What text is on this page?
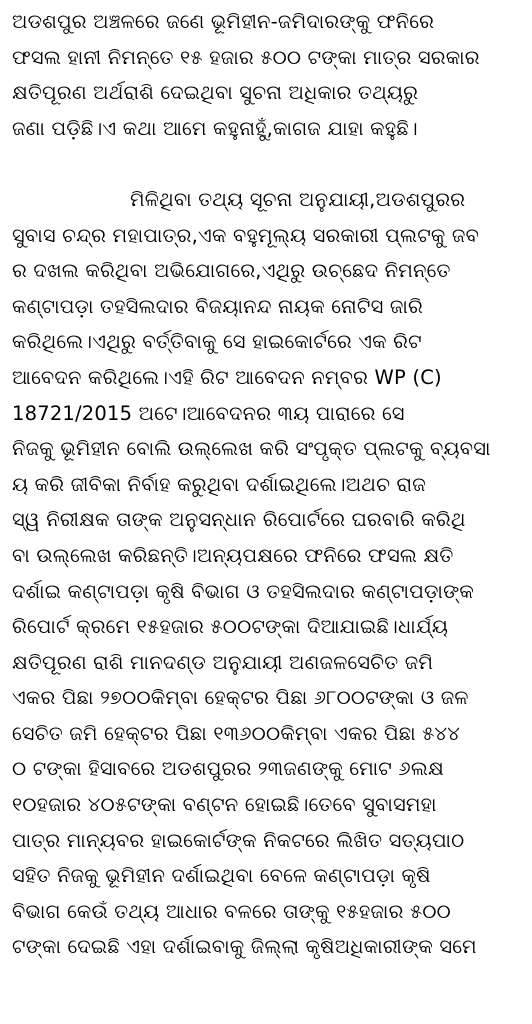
ଅଡଶପୁର ଅଞ୍ଚଳରେ ଜଣେ ଭୂମିହୀନ-ଜମିଦାରଙ୍କୁ ଫନିରେ
ଫସଲ ହାନୀ ନିମନ୍ତେ ୧୫ ହଜାର ୫୦୦ ଟଙ୍କା ମାତ୍ର ସରକାର
କ୍ଷତିପୂରଣ ଅର୍ଥରାଶି ଦେଇଥିବା ସୁଚନା ଅଧିକାର ତଥ୍ୟରୁ
ଜଣା ପଡ଼ିଛି।ଏ କଥା ଆମେ କହୁନାହୁଁ,କାଗଜ ଯାହା କହୁଛି।
ମିଳିଥିବା ତଥ୍ୟ ସୂଚନା ଅନୁଯାୟୀ,ଅଡଶପୁରର
ସୁବାସ ଚନ୍ଦ୍ର ମହାପାତ୍ର,ଏକ ବହୁମୂଲ୍ୟ ସରକାରୀ ପ୍ଲଟକୁ ଜବ
ର ଦଖଲ କରିଥିବା ଅଭିଯୋଗରେ,ଏଥିରୁ ଉଚ୍ଛେଦ ନିମନ୍ତେ
କଣ୍ଟାପଡ଼ା ତହସିଲଦାର ବିଜୟାନନ୍ଦ ନାୟକ ନୋଟିସ ଜାରି
କରିଥିଲେ।ଏଥିରୁ ବର୍ତ୍ତିବାକୁ ସେ ହାଇକୋର୍ଟରେ ଏକ ରିଟ
ଆବେଦନ କରିଥିଲେ।ଏହି ରିଟ ଆବେଦନ ନମ୍ବର WP (C)
18721/2015 ଅଟେ।ଆବେଦନର ୩ୟ ପାରାରେ ସେ
ନିଜକୁ ଭୂମିହୀନ ବୋଲି ଉଲ୍ଲେଖ କରି ସଂପୃକ୍ତ ପ୍ଲଟକୁ ବ୍ୟବସା
ୟ କରି ଜୀବିକା ନିର୍ବାହ କରୁଥିବା ଦର୍ଶାଇଥିଲେ।ଅଥଚ ରାଜ
ସ୍ୱ ନିରୀକ୍ଷକ ତାଙ୍କ ଅନୁସନ୍ଧାନ ରିପୋର୍ଟରେ ଘରବାରି କରିଥି
ବା ଉଲ୍ଲେଖ କରିଛନ୍ତି।ଅନ୍ୟପକ୍ଷରେ ଫନିରେ ଫସଲ କ୍ଷତି
ଦର୍ଶାଇ କଣ୍ଟାପଡ଼ା କୃଷି ବିଭାଗ ଓ ତହସିଲଦାର କଣ୍ଟାପଡ଼ାଙ୍କ
ରିପୋର୍ଟ କ୍ରମେ ୧୫ହଜାର ୫୦୦ଟଙ୍କା ଦିଆଯାଇଛି।ଧାର୍ଯ୍ୟ
କ୍ଷତିପୂରଣ ରାଶି ମାନଦଣ୍ଡ ଅନୁଯାୟୀ ଅଣଜଳସେଚିତ ଜମି
ଏକର ପିଛା ୨୭୦୦କିମ୍ବା ହେକ୍ଟର ପିଛା ୬୮୦୦ଟଙ୍କା ଓ ଜଳ
ସେଚିତ ଜମି ହେକ୍ଟର ପିଛା ୧୩୬୦୦କିମ୍ବା ଏକର ପିଛା ୫୪୪
୦ ଟଙ୍କା ହିସାବରେ ଅଡଶପୁରର ୨୩ଜଣଙ୍କୁ ମୋଟ ୬ଲକ୍ଷ
୧୦ହଜାର ୪୦୫ଟଙ୍କା ବଣ୍ଟନ ହୋଇଛି।ତେବେ ସୁବାସମହା
ପାତ୍ର ମାନ୍ୟବର ହାଇକୋର୍ଟଙ୍କ ନିକଟରେ ଲିଖିତ ସତ୍ୟପାଠ
ସହିତ ନିଜକୁ ଭୂମିହୀନ ଦର୍ଶାଇଥିବା ବେଳେ କଣ୍ଟାପଡ଼ା କୃଷି
ବିଭାଗ କେଉଁ ତଥ୍ୟ ଆଧାର ବଳରେ ତାଙ୍କୁ ୧୫ହଜାର ୫୦୦
ଟଙ୍କା ଦେଇଛି ଏହା ଦର୍ଶାଇବାକୁ ଜିଲ୍ଲା କୃଷିଅଧିକାରୀଙ୍କ ସମେ
